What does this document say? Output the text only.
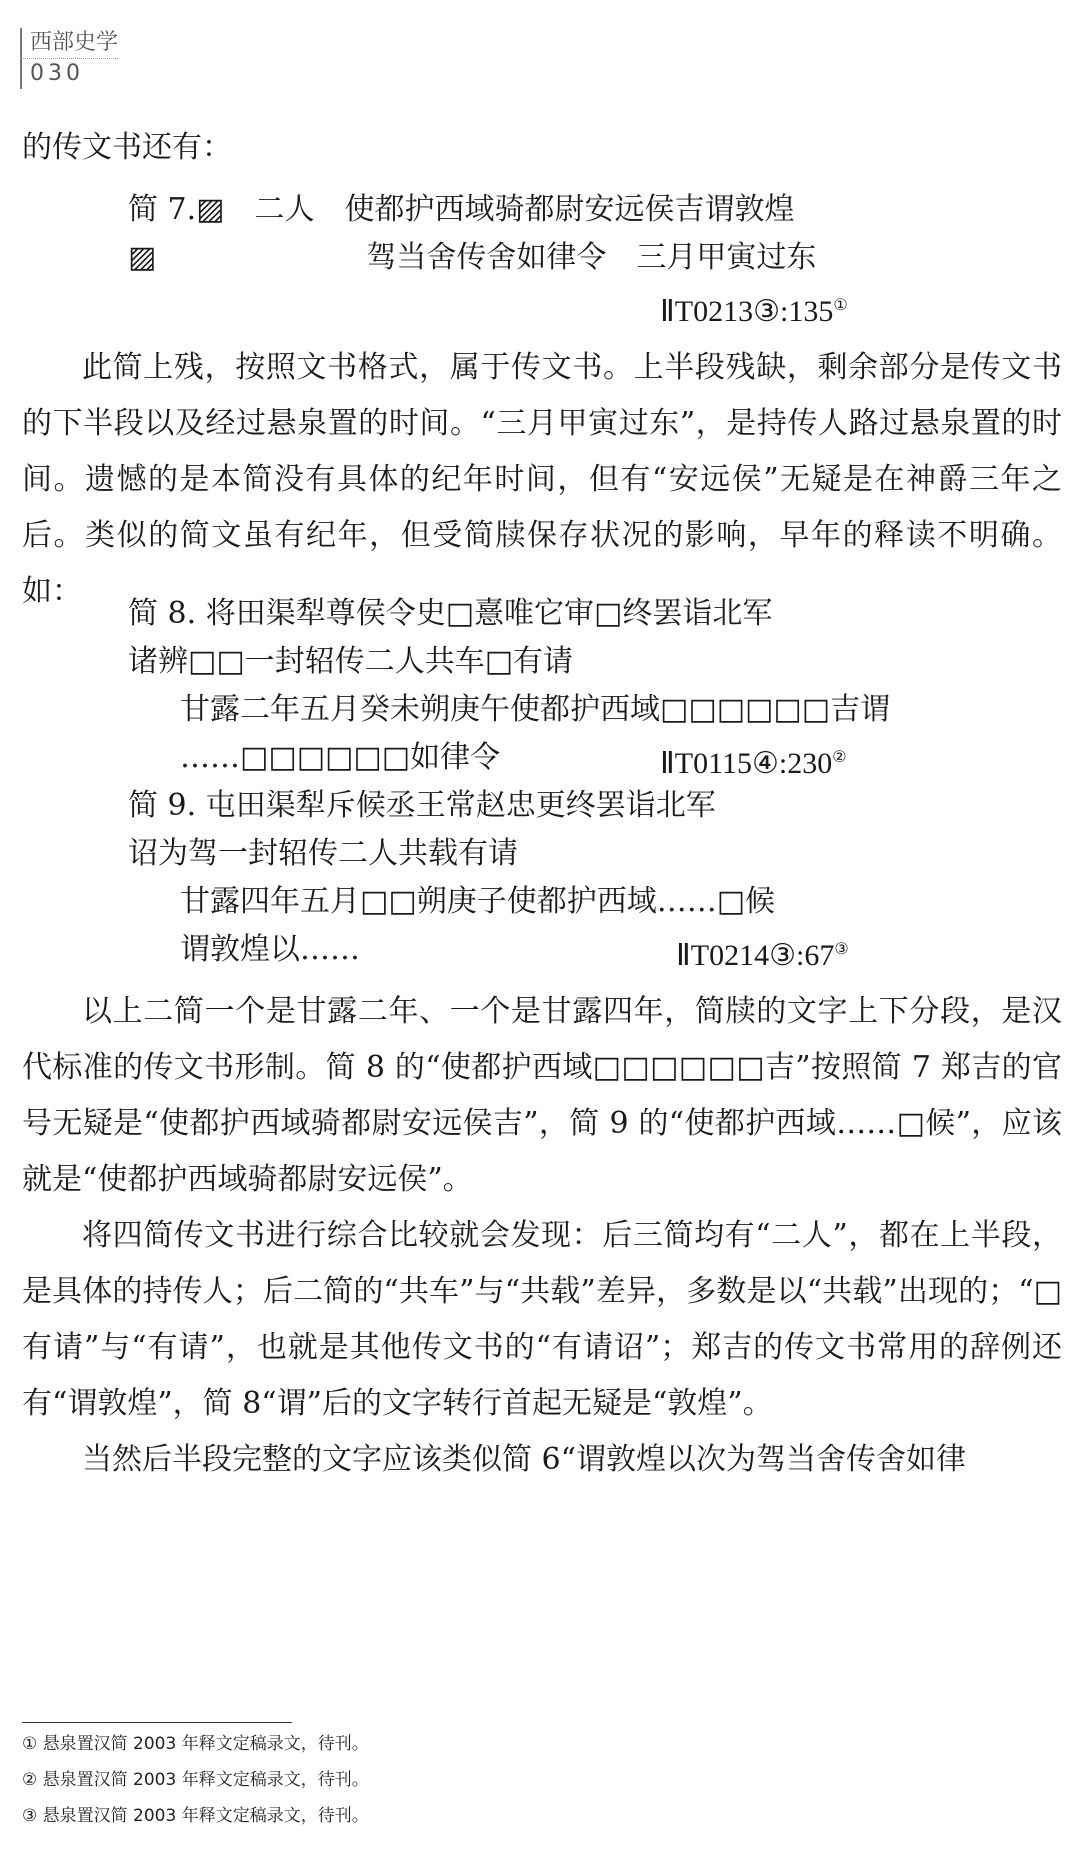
西部史学
030
的传文书还有：
简 7.▨　二人　使都护西域骑都尉安远侯吉谓敦煌
▨　　　　　　　驾当舍传舍如律令　三月甲寅过东
ⅡT0213③:135①
此简上残，按照文书格式，属于传文书。上半段残缺，剩余部分是传文书的下半段以及经过悬泉置的时间。“三月甲寅过东”，是持传人路过悬泉置的时间。遗憾的是本简没有具体的纪年时间，但有“安远侯”无疑是在神爵三年之后。类似的简文虽有纪年，但受简牍保存状况的影响，早年的释读不明确。如：
简 8. 将田渠犁尊侯令史□憙唯它审□终罢诣北军
诸辨□□一封轺传二人共车□有请
甘露二年五月癸未朔庚午使都护西域□□□□□□吉谓
……□□□□□□如律令	ⅡT0115④:230②
简 9. 屯田渠犁斥候丞王常赵忠更终罢诣北军
诏为驾一封轺传二人共载有请
甘露四年五月□□朔庚子使都护西域……□候
谓敦煌以……	ⅡT0214③:67③
以上二简一个是甘露二年、一个是甘露四年，简牍的文字上下分段，是汉代标准的传文书形制。简 8 的“使都护西域□□□□□□吉”按照简 7 郑吉的官号无疑是“使都护西域骑都尉安远侯吉”，简 9 的“使都护西域……□候”，应该就是“使都护西域骑都尉安远侯”。
将四简传文书进行综合比较就会发现：后三简均有“二人”，都在上半段，是具体的持传人；后二简的“共车”与“共载”差异，多数是以“共载”出现的；“□有请”与“有请”，也就是其他传文书的“有请诏”；郑吉的传文书常用的辞例还有“谓敦煌”，简 8“谓”后的文字转行首起无疑是“敦煌”。
当然后半段完整的文字应该类似简 6“谓敦煌以次为驾当舍传舍如律
① 悬泉置汉简 2003 年释文定稿录文，待刊。
② 悬泉置汉简 2003 年释文定稿录文，待刊。
③ 悬泉置汉简 2003 年释文定稿录文，待刊。
